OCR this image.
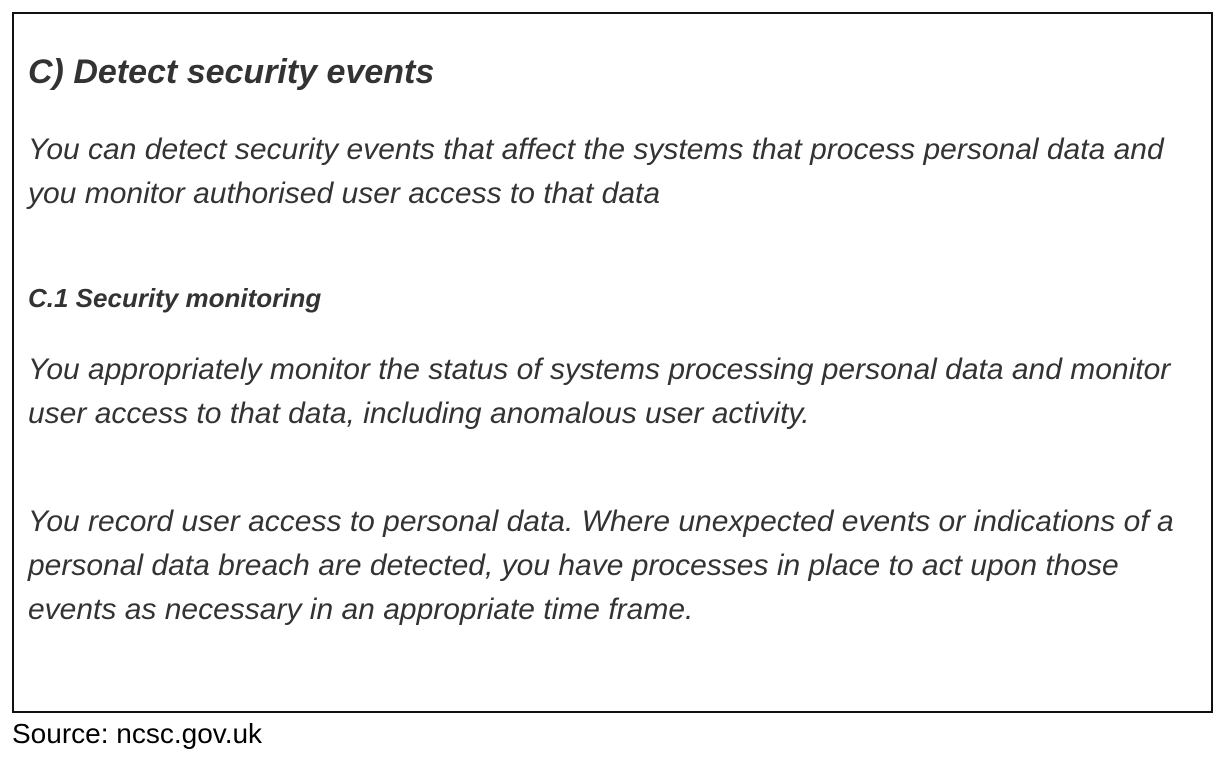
C) Detect security events

You can detect security events that affect the systems that process personal data and you monitor authorised user access to that data

C.1 Security monitoring

You appropriately monitor the status of systems processing personal data and monitor user access to that data, including anomalous user activity.

You record user access to personal data. Where unexpected events or indications of a personal data breach are detected, you have processes in place to act upon those events as necessary in an appropriate time frame.

Source: ncsc.gov.uk
